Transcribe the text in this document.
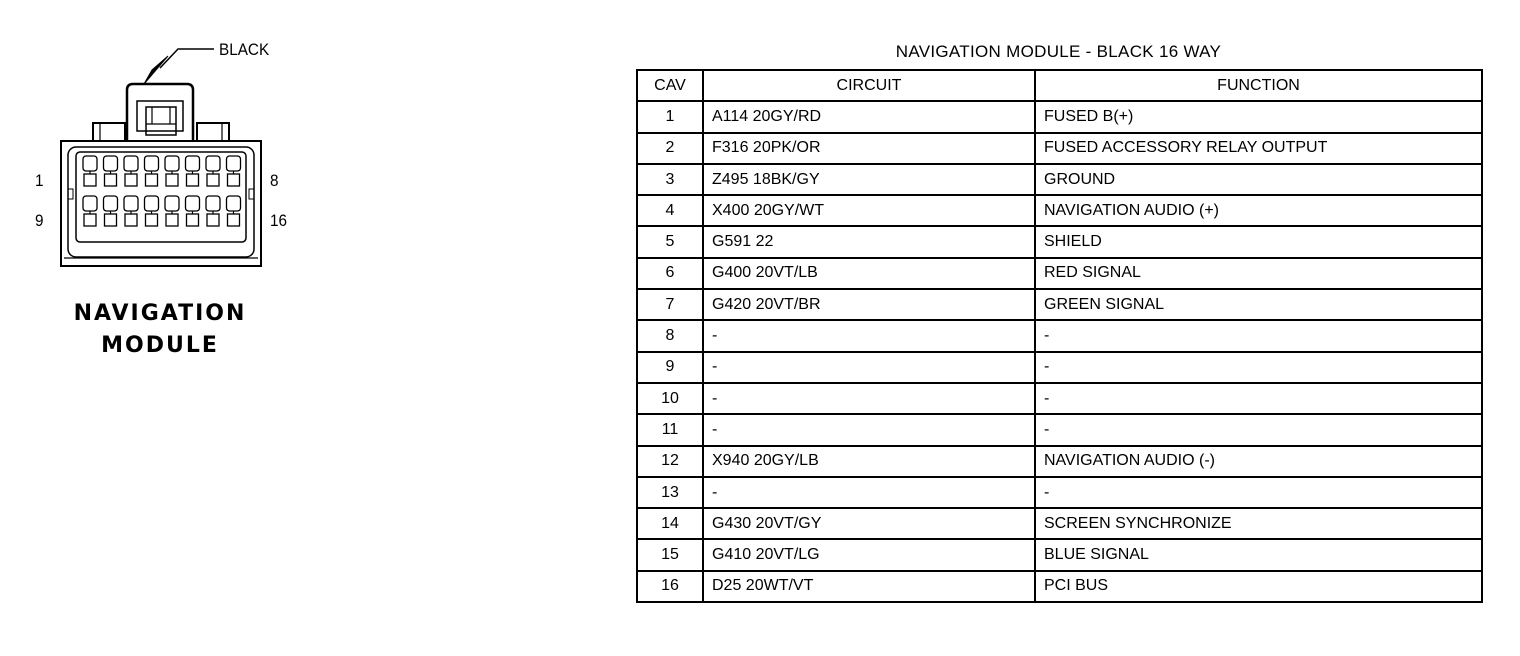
BLACK
1	8
9	16
NAVIGATION
MODULE
NAVIGATION MODULE - BLACK 16 WAY
CAV	CIRCUIT	FUNCTION
1	A114 20GY/RD	FUSED B(+)
2	F316 20PK/OR	FUSED ACCESSORY RELAY OUTPUT
3	Z495 18BK/GY	GROUND
4	X400 20GY/WT	NAVIGATION AUDIO (+)
5	G591 22	SHIELD
6	G400 20VT/LB	RED SIGNAL
7	G420 20VT/BR	GREEN SIGNAL
8	-	-
9	-	-
10	-	-
11	-	-
12	X940 20GY/LB	NAVIGATION AUDIO (-)
13	-	-
14	G430 20VT/GY	SCREEN SYNCHRONIZE
15	G410 20VT/LG	BLUE SIGNAL
16	D25 20WT/VT	PCI BUS
